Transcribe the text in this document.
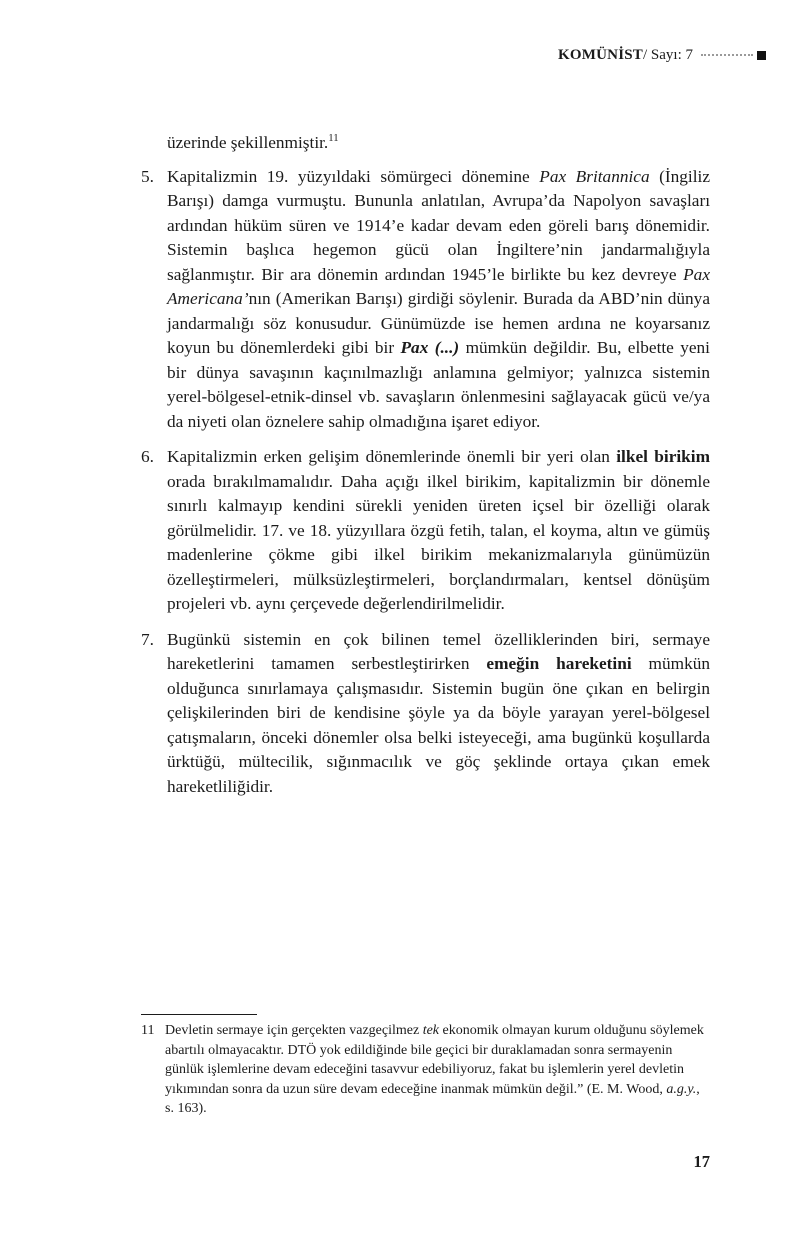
KOMÜNİST / Sayı: 7

üzerinde şekillenmiştir.$^{11}$

5. Kapitalizmin 19. yüzyıldaki sömürgeci dönemine Pax Britannica (İngiliz Barışı) damga vurmuştu. Bununla anlatılan, Avrupa’da Napolyon savaşları ardından hüküm süren ve 1914’e kadar devam eden göreli barış dönemidir. Sistemin başlıca hegemon gücü olan İngiltere’nin jandarmalığıyla sağlanmıştır. Bir ara dönemin ardından 1945’le birlikte bu kez devreye Pax Americana’nın (Amerikan Barışı) girdiği söylenir. Burada da ABD’nin dünya jandarmalığı söz konusudur. Günümüzde ise hemen ardına ne koyarsanız koyun bu dönemlerdeki gibi bir Pax (...) mümkün değildir. Bu, elbette yeni bir dünya savaşının kaçınılmazlığı anlamına gelmiyor; yalnızca sistemin yerel-bölgesel-etnik-dinsel vb. savaşların önlenmesini sağlayacak gücü ve/ya da niyeti olan öznelere sahip olmadığına işaret ediyor.
6. Kapitalizmin erken gelişim dönemlerinde önemli bir yeri olan ilkel birikim orada bırakılmamalıdır. Daha açığı ilkel birikim, kapitalizmin bir dönemle sınırlı kalmayıp kendini sürekli yeniden üreten içsel bir özelliği olarak görülmelidir. 17. ve 18. yüzyıllara özgü fetih, talan, el koyma, altın ve gümüş madenlerine çökme gibi ilkel birikim mekanizmalarıyla günümüzün özelleştirmeleri, mülksüzleştirmeleri, borçlandırmaları, kentsel dönüşüm projeleri vb. aynı çerçevede değerlendirilmelidir.
7. Bugünkü sistemin en çok bilinen temel özelliklerinden biri, sermaye hareketlerini tamamen serbestleştirirken emeğin hareketini mümkün olduğunca sınırlamaya çalışmasıdır. Sistemin bugün öne çıkan en belirgin çelişkilerinden biri de kendisine şöyle ya da böyle yarayan yerel-bölgesel çatışmaların, önceki dönemler olsa belki isteyeceği, ama bugünkü koşullarda ürktüğü, mültecilik, sığınmacılık ve göç şeklinde ortaya çıkan emek hareketliliğidir.
11 Devletin sermaye için gerçekten vazgeçilmez tek ekonomik olmayan kurum olduğunu söylemek abartılı olmayacaktır. DTÖ yok edildiğinde bile geçici bir duraklamadan sonra sermayenin günlük işlemlerine devam edeceğini tasavvur edebiliyoruz, fakat bu işlemlerin yerel devletin yıkımından sonra da uzun süre devam edeceğine inanmak mümkün değil.” (E. M. Wood, a.g.y., s. 163).
17
